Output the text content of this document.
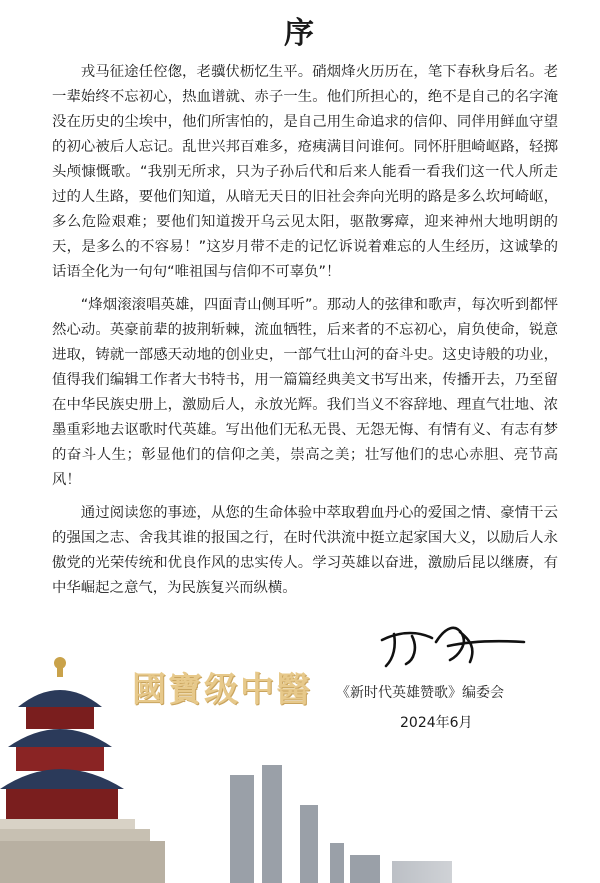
序

戎马征途任倥偬，老骥伏枥忆生平。硝烟烽火历历在，笔下春秋身后名。老一辈始终不忘初心，热血谱就、赤子一生。他们所担心的，绝不是自己的名字淹没在历史的尘埃中，他们所害怕的，是自己用生命追求的信仰、同伴用鲜血守望的初心被后人忘记。乱世兴邦百难多，疮痍满目问谁何。同怀肝胆崎岖路，轻掷头颅慷慨歌。“我别无所求，只为子孙后代和后来人能看一看我们这一代人所走过的人生路，要他们知道，从暗无天日的旧社会奔向光明的路是多么坎坷崎岖，多么危险艰难；要他们知道拨开乌云见太阳，驱散雾瘴，迎来神州大地明朗的天，是多么的不容易！”这岁月带不走的记忆诉说着难忘的人生经历，这诚挚的话语全化为一句句“唯祖国与信仰不可辜负”！

“烽烟滚滚唱英雄，四面青山侧耳听”。那动人的弦律和歌声，每次听到都怦然心动。英豪前辈的披荆斩棘，流血牺牲，后来者的不忘初心，肩负使命，锐意进取，铸就一部感天动地的创业史，一部气壮山河的奋斗史。这史诗般的功业，值得我们编辑工作者大书特书，用一篇篇经典美文书写出来，传播开去，乃至留在中华民族史册上，激励后人，永放光辉。我们当义不容辞地、理直气壮地、浓墨重彩地去讴歌时代英雄。写出他们无私无畏、无怨无悔、有情有义、有志有梦的奋斗人生；彰显他们的信仰之美，崇高之美；壮写他们的忠心赤胆、亮节高风！

通过阅读您的事迹，从您的生命体验中萃取碧血丹心的爱国之情、豪情干云的强国之志、舍我其谁的报国之行，在时代洪流中挺立起家国大义，以励后人永傲党的光荣传统和优良作风的忠实传人。学习英雄以奋进，激励后昆以继赓，有中华崛起之意气，为民族复兴而纵横。

國寶级中醫 《新时代英雄赞歌》编委会
2024年6月
